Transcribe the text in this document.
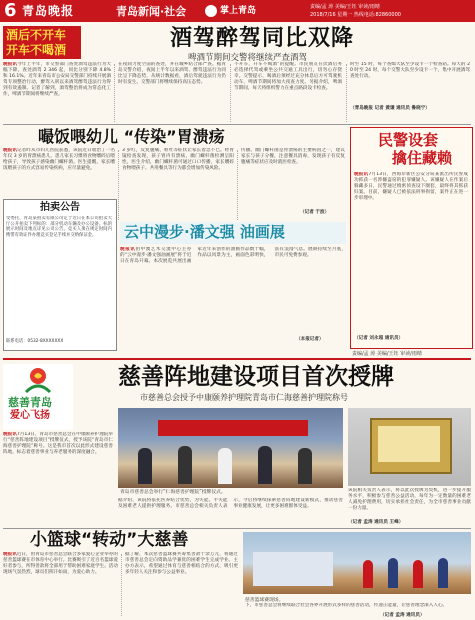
6 青岛晚报	青岛新闻·社会	掌上青岛	责编/孟 涛 美编/王钰 审读/雨晴
2018/7/16 星期一 热线电话:82860000
酒后不开车
开车不喝酒	酒驾醉驾同比双降
啤酒节期间交警将继续严查酒驾
晚报讯今年上半年，市交警部门查处酒驾违法行为大幅下降，查处酒驾 2 346 起，同比分别下降 4.8% 和 16.1%。近年来青岛市公安局交警部门持续开展酒驾专项整治行动，醉驾入刑以来酒驾醉驾违法行为得到有效遏制。记者了解到，酒驾整治将成为常态化工作，啤酒节期间将继续严查。
在夜间力度空前的查处，并在城乡结合部严查。据青岛交警介绍，夜间上半年以来酒驾、醉驾违法行为同比呈下降态势，从统计数据看，酒后驾驶违法行为仍时有发生。交警部门将继续保持高压态势。
不开车，开车不喝酒”的提醒。市民朋友在饮酒后务必选择代驾或乘坐公共交通工具出行，切勿心存侥幸。交警提示，喝酒后须经过充分休息后方可驾驶机动车，啤酒节期间将加大夜查力度。另据介绍，啤酒节期间，每天将组织警力在重点路段设卡检查。
时至 15 时，每个查缉大队至少设卡一个检查站。每天的 20 时至 24 时，每个交警大队至少设卡一个，集中开展酒驾查处行动。
（青岛晚报 记者 黄谦 通讯员 鲁晓宁）
嘬饭喂幼儿 “传染”胃溃疡
晚报讯记者昨从市妇儿医院获悉，该院近日收治了一名年仅 3 岁的胃溃疡患儿。患儿家长习惯将食物嚼碎后喂给孩子，导致孩子感染幽门螺杆菌。医生提醒，家长嚼饭喂孩子的方式容易传染疾病，应尽量避免。
3 岁红，反复腹痛、呕吐等症状让家长着急不已。经胃镜检查发现，孩子胃内有溃疡，幽门螺杆菌检测呈阳性。医生介绍，幽门螺杆菌可通过口口传播，家长嚼碎食物喂孩子、共用餐具等行为都会增加传染风险。
传播。幽门螺杆菌是胃溃疡的主要病因之一，建议家长与孩子分餐，注意餐具消毒，发现孩子有反复腹痛等症状应及时就医检查。
（记者 于波）
民警设套
擒住藏赖
晚报讯7月13日，西海岸新区公安分局某派出所民警成功抓获一名涉嫌盗窃的犯罪嫌疑人。该嫌疑人在作案后躲藏多日，民警通过缜密侦查设下圈套，最终将其抓获归案。目前，嫌疑人已被依法刑事拘留，案件正在进一步审理中。
（记者 刘永超 通讯员）
拍卖公告
受委托，青岛某拍卖有限公司定于近日在本公司拍卖大厅公开拍卖下列标的：部分机动车辆及办公设备。标的展示时间及地点详见公司公告。竞买人须在规定时间内携带有效证件办理竞买登记手续并交纳保证金。
联系电话：0532-8XXXXXXX
云中漫步·潘文强 油画展
晚报讯由中澳艺术交流中心主办的“云中漫步·潘文强油画展”将于近日在青岛开幕。本次展览共展出画家近年来创作的油画作品数十幅，作品以风景为主，画面色彩明快，富有浪漫气息。展期持续至月底，市民可免费参观。
（本报记者）
责编/孟 涛 美编/王钰 审读/雨晴
慈善青岛
爱心飞扬
慈善阵地建设项目首次授牌
市慈善总会授予中康颐养护理院青岛市仁海慈善护理院称号
晚报讯7月13日，青岛市慈善总会在中康颐养护理院举行“慈善阵地建设项目”授牌仪式，授予该院“青岛市仁海慈善护理院”称号。这是我市首次以此形式建设慈善阵地，标志着慈善事业与养老服务的深度融合。
青岛市慈善总会举行“仁海慈善护理院”授牌仪式。
据介绍，该院将依托医养结合优势，为失能、半失能及困难老人提供护理服务。市慈善总会相关负责人表示，今后将继续探索慈善阵地建设新模式，推动慈善事业健康发展，让更多困难群体受益。
该院相关负责人表示，将以此次授牌为契机，进一步提升服务水平，积极参与慈善公益活动，每年为一定数量的困难老人减免护理费用，切实承担社会责任，为全市慈善事业贡献一份力量。
（记者 孟涛 通讯员 王峰）
小篮球“转动”大慈善
晚报讯近日，由青岛市慈善总会联合多家爱心企业举办的慈善篮球赛在市体育中心举行。比赛吸引了近百名篮球爱好者参与，所得善款将全部用于帮助困难家庭学生。活动现场气氛热烈，球员们挥汗如雨，为爱心助力。
据了解，本次慈善篮球赛共筹集善款十余万元，将通过市慈善总会定向资助品学兼优的困难学生完成学业。主办方表示，希望通过体育与慈善相结合的方式，吸引更多年轻人关注和参与公益事业。
慈善篮球赛现场。
下，市慈善总会将继续联合社会各界开展形式多样的慈善活动，传递正能量，让慈善理念深入人心。
（记者 孟涛 通讯员）
